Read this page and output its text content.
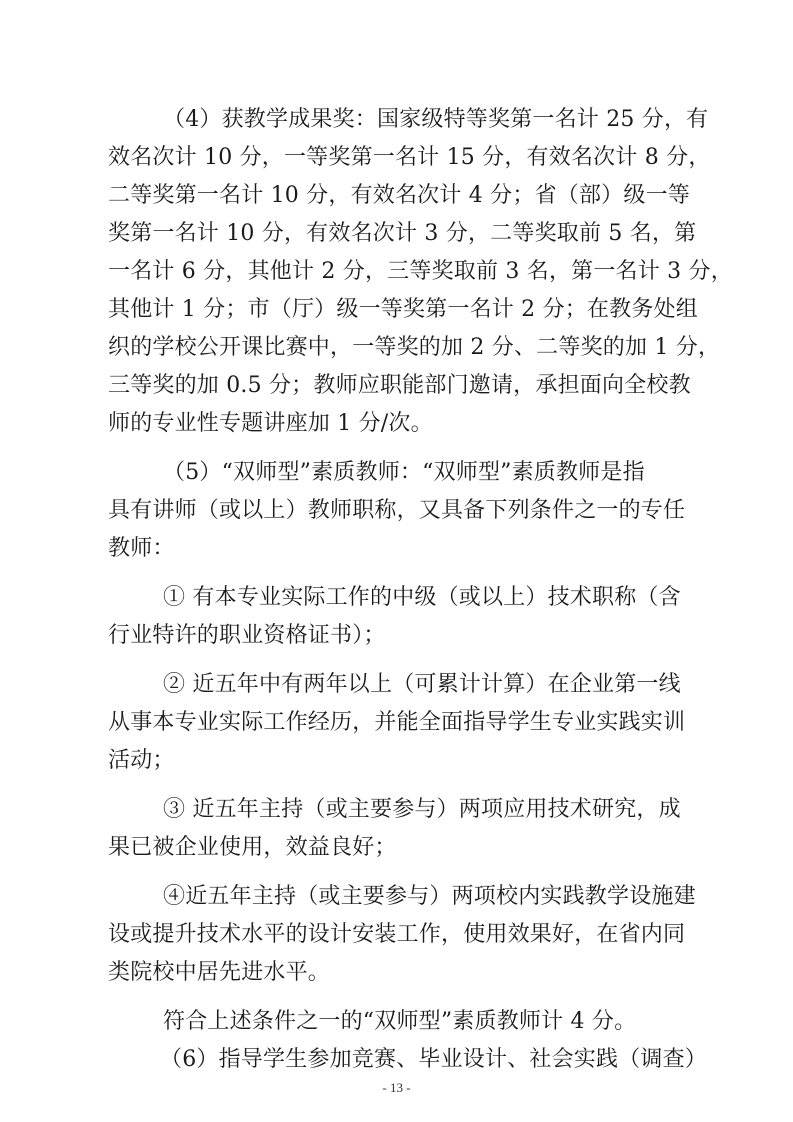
（4）获教学成果奖：国家级特等奖第一名计 25 分，有
效名次计 10 分，一等奖第一名计 15 分，有效名次计 8 分，
二等奖第一名计 10 分，有效名次计 4 分；省（部）级一等
奖第一名计 10 分，有效名次计 3 分，二等奖取前 5 名，第
一名计 6 分，其他计 2 分，三等奖取前 3 名，第一名计 3 分，
其他计 1 分；市（厅）级一等奖第一名计 2 分；在教务处组
织的学校公开课比赛中，一等奖的加 2 分、二等奖的加 1 分，
三等奖的加 0.5 分；教师应职能部门邀请，承担面向全校教
师的专业性专题讲座加 1 分/次。
（5）“双师型”素质教师：“双师型”素质教师是指
具有讲师（或以上）教师职称，又具备下列条件之一的专任
教师：
① 有本专业实际工作的中级（或以上）技术职称（含
行业特许的职业资格证书）；
② 近五年中有两年以上（可累计计算）在企业第一线
从事本专业实际工作经历，并能全面指导学生专业实践实训
活动；
③ 近五年主持（或主要参与）两项应用技术研究，成
果已被企业使用，效益良好；
④近五年主持（或主要参与）两项校内实践教学设施建
设或提升技术水平的设计安装工作，使用效果好，在省内同
类院校中居先进水平。
符合上述条件之一的“双师型”素质教师计 4 分。
（6）指导学生参加竞赛、毕业设计、社会实践（调查）
- 13 -
